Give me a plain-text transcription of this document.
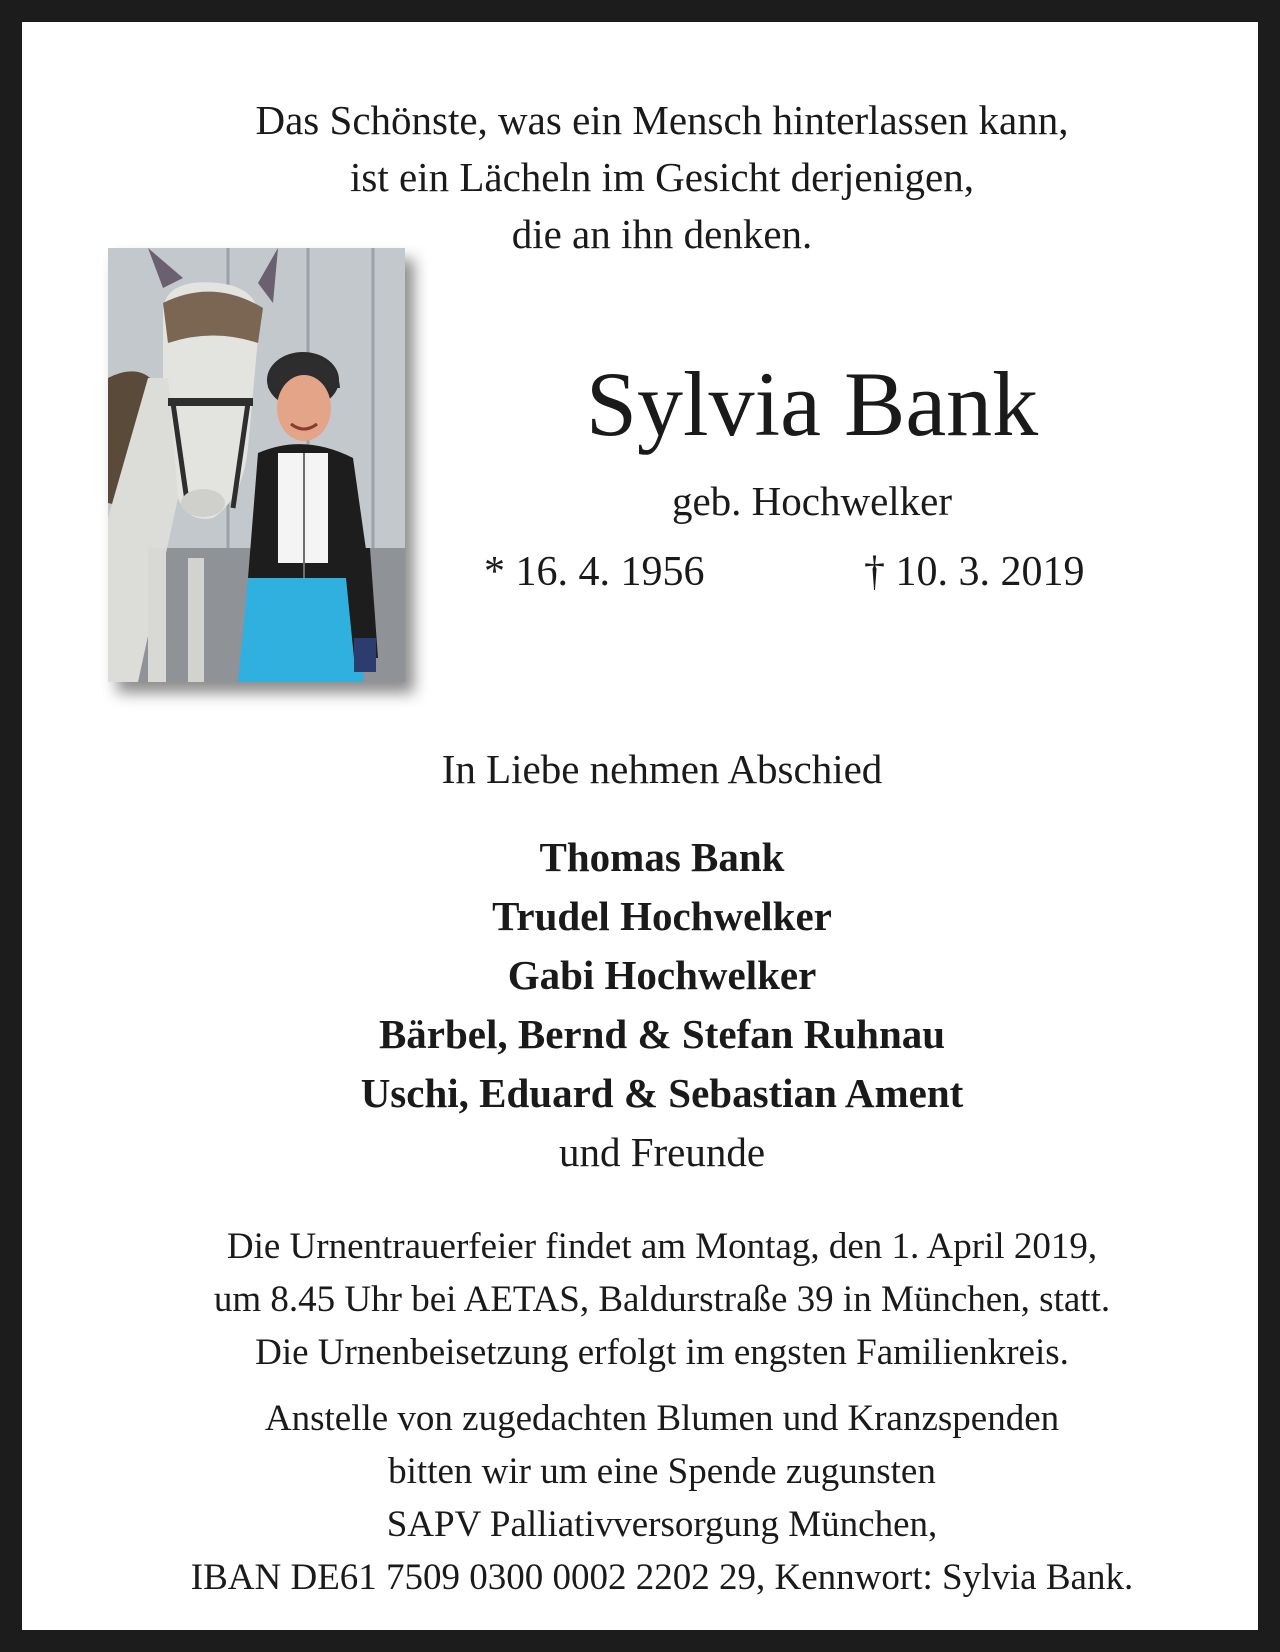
Das Schönste, was ein Mensch hinterlassen kann,
ist ein Lächeln im Gesicht derjenigen,
die an ihn denken.
Sylvia Bank
geb. Hochwelker
* 16. 4. 1956	† 10. 3. 2019
In Liebe nehmen Abschied
Thomas Bank
Trudel Hochwelker
Gabi Hochwelker
Bärbel, Bernd & Stefan Ruhnau
Uschi, Eduard & Sebastian Ament
und Freunde
Die Urnentrauerfeier findet am Montag, den 1. April 2019,
um 8.45 Uhr bei AETAS, Baldurstraße 39 in München, statt.
Die Urnenbeisetzung erfolgt im engsten Familienkreis.
Anstelle von zugedachten Blumen und Kranzspenden
bitten wir um eine Spende zugunsten
SAPV Palliativversorgung München,
IBAN DE61 7509 0300 0002 2202 29, Kennwort: Sylvia Bank.
